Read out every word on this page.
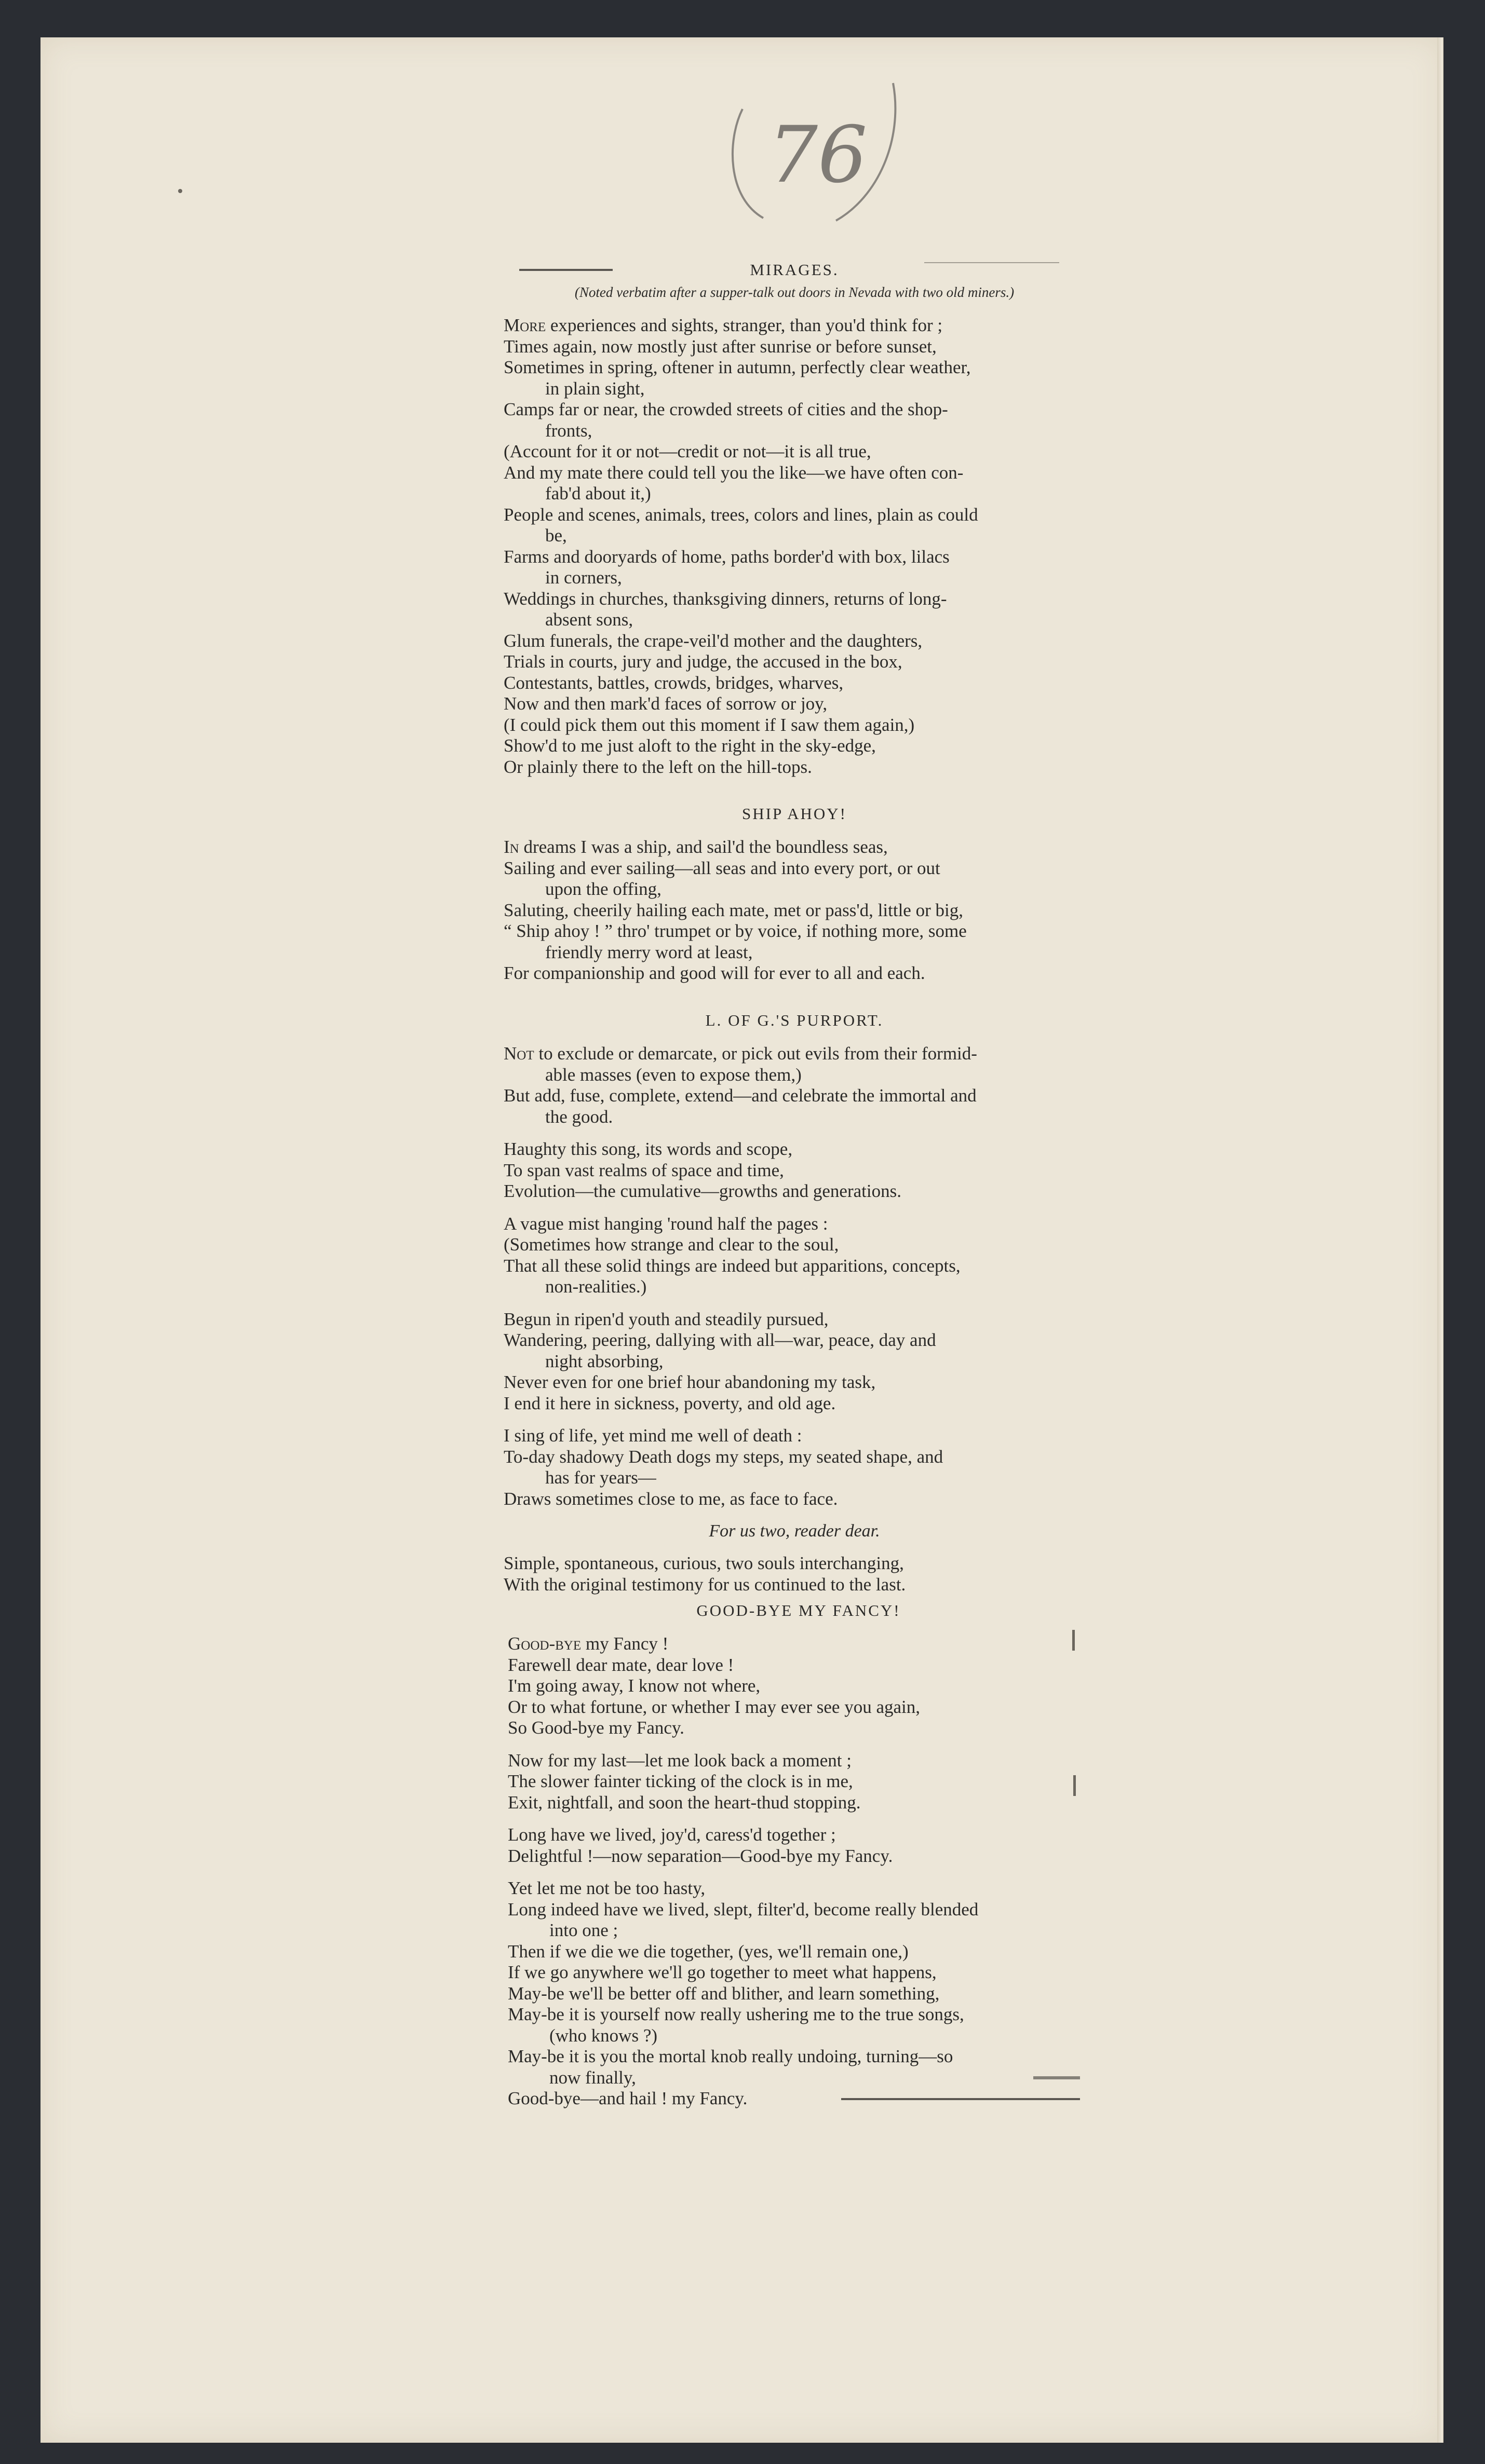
76

MIRAGES.

(Noted verbatim after a supper-talk out doors in Nevada with two old miners.)

More experiences and sights, stranger, than you'd think for ;

Times again, now mostly just after sunrise or before sunset,

Sometimes in spring, oftener in autumn, perfectly clear weather,

in plain sight,

Camps far or near, the crowded streets of cities and the shop-

fronts,

(Account for it or not—credit or not—it is all true,

And my mate there could tell you the like—we have often con-

fab'd about it,)

People and scenes, animals, trees, colors and lines, plain as could

be,

Farms and dooryards of home, paths border'd with box, lilacs

in corners,

Weddings in churches, thanksgiving dinners, returns of long-

absent sons,

Glum funerals, the crape-veil'd mother and the daughters,

Trials in courts, jury and judge, the accused in the box,

Contestants, battles, crowds, bridges, wharves,

Now and then mark'd faces of sorrow or joy,

(I could pick them out this moment if I saw them again,)

Show'd to me just aloft to the right in the sky-edge,

Or plainly there to the left on the hill-tops.

SHIP AHOY!

In dreams I was a ship, and sail'd the boundless seas,

Sailing and ever sailing—all seas and into every port, or out

upon the offing,

Saluting, cheerily hailing each mate, met or pass'd, little or big,

“ Ship ahoy ! ” thro' trumpet or by voice, if nothing more, some

friendly merry word at least,

For companionship and good will for ever to all and each.

L. OF G.'S PURPORT.

Not to exclude or demarcate, or pick out evils from their formid-

able masses (even to expose them,)

But add, fuse, complete, extend—and celebrate the immortal and

the good.

Haughty this song, its words and scope,

To span vast realms of space and time,

Evolution—the cumulative—growths and generations.

A vague mist hanging 'round half the pages :

(Sometimes how strange and clear to the soul,

That all these solid things are indeed but apparitions, concepts,

non-realities.)

Begun in ripen'd youth and steadily pursued,

Wandering, peering, dallying with all—war, peace, day and

night absorbing,

Never even for one brief hour abandoning my task,

I end it here in sickness, poverty, and old age.

I sing of life, yet mind me well of death :

To-day shadowy Death dogs my steps, my seated shape, and

has for years—

Draws sometimes close to me, as face to face.

For us two, reader dear.

Simple, spontaneous, curious, two souls interchanging,

With the original testimony for us continued to the last.

GOOD-BYE MY FANCY!

Good-bye my Fancy !

Farewell dear mate, dear love !

I'm going away, I know not where,

Or to what fortune, or whether I may ever see you again,

So Good-bye my Fancy.

Now for my last—let me look back a moment ;

The slower fainter ticking of the clock is in me,

Exit, nightfall, and soon the heart-thud stopping.

Long have we lived, joy'd, caress'd together ;

Delightful !—now separation—Good-bye my Fancy.

Yet let me not be too hasty,

Long indeed have we lived, slept, filter'd, become really blended

into one ;

Then if we die we die together, (yes, we'll remain one,)

If we go anywhere we'll go together to meet what happens,

May-be we'll be better off and blither, and learn something,

May-be it is yourself now really ushering me to the true songs,

(who knows ?)

May-be it is you the mortal knob really undoing, turning—so

now finally,

Good-bye—and hail ! my Fancy.
